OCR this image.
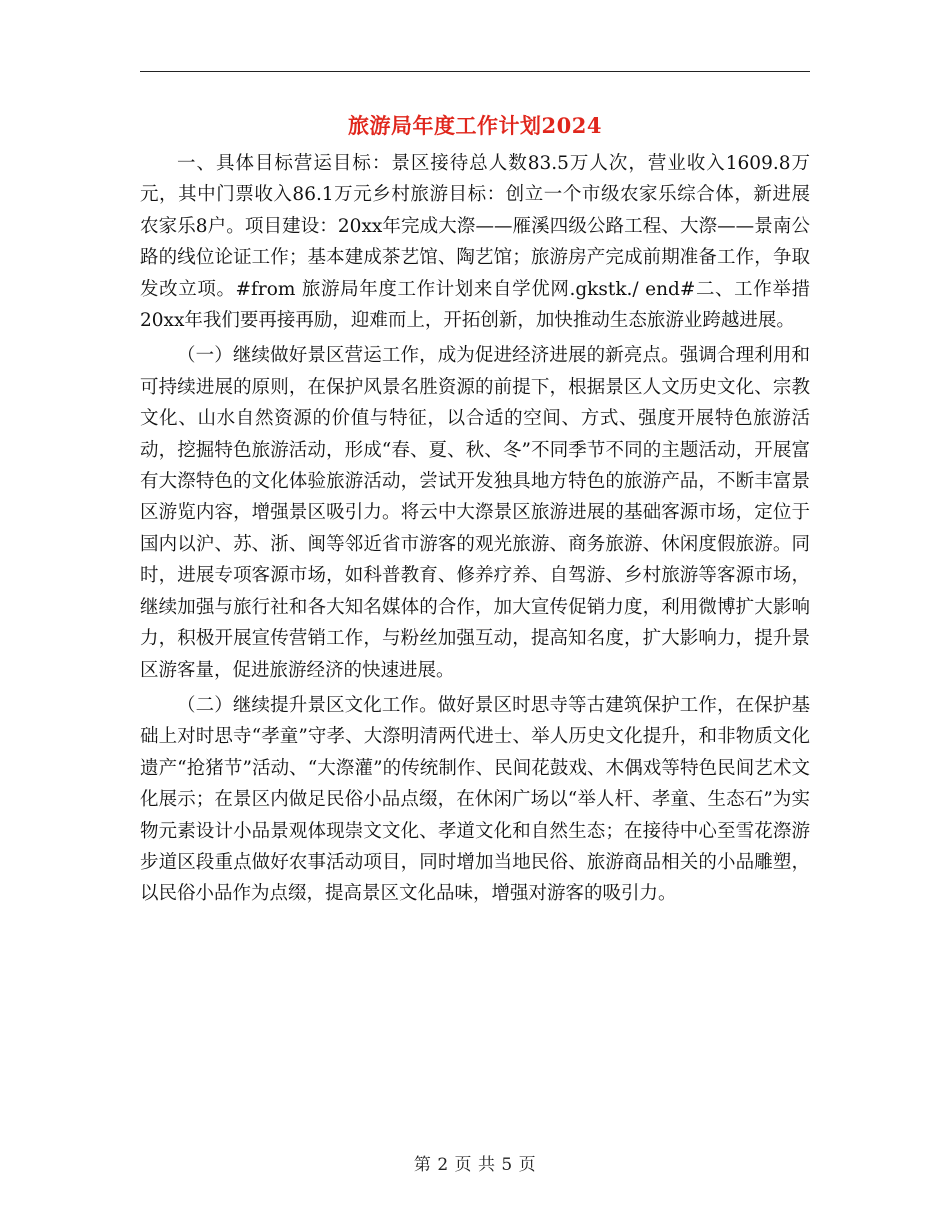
旅游局年度工作计划2024

一、具体目标营运目标：景区接待总人数83.5万人次，营业收入1609.8万元，其中门票收入86.1万元乡村旅游目标：创立一个市级农家乐综合体，新进展农家乐8户。项目建设：20xx年完成大漈——雁溪四级公路工程、大漈——景南公路的线位论证工作；基本建成茶艺馆、陶艺馆；旅游房产完成前期准备工作，争取发改立项。#from 旅游局年度工作计划来自学优网.gkstk./ end#二、工作举措20xx年我们要再接再励，迎难而上，开拓创新，加快推动生态旅游业跨越进展。

（一）继续做好景区营运工作，成为促进经济进展的新亮点。强调合理利用和可持续进展的原则，在保护风景名胜资源的前提下，根据景区人文历史文化、宗教文化、山水自然资源的价值与特征，以合适的空间、方式、强度开展特色旅游活动，挖掘特色旅游活动，形成“春、夏、秋、冬”不同季节不同的主题活动，开展富有大漈特色的文化体验旅游活动，尝试开发独具地方特色的旅游产品，不断丰富景区游览内容，增强景区吸引力。将云中大漈景区旅游进展的基础客源市场，定位于国内以沪、苏、浙、闽等邻近省市游客的观光旅游、商务旅游、休闲度假旅游。同时，进展专项客源市场，如科普教育、修养疗养、自驾游、乡村旅游等客源市场，继续加强与旅行社和各大知名媒体的合作，加大宣传促销力度，利用微博扩大影响力，积极开展宣传营销工作，与粉丝加强互动，提高知名度，扩大影响力，提升景区游客量，促进旅游经济的快速进展。

（二）继续提升景区文化工作。做好景区时思寺等古建筑保护工作，在保护基础上对时思寺“孝童”守孝、大漈明清两代进士、举人历史文化提升，和非物质文化遗产“抢猪节”活动、“大漈灌”的传统制作、民间花鼓戏、木偶戏等特色民间艺术文化展示；在景区内做足民俗小品点缀，在休闲广场以“举人杆、孝童、生态石”为实物元素设计小品景观体现崇文文化、孝道文化和自然生态；在接待中心至雪花漈游步道区段重点做好农事活动项目，同时增加当地民俗、旅游商品相关的小品雕塑，以民俗小品作为点缀，提高景区文化品味，增强对游客的吸引力。

第 2 页 共 5 页
